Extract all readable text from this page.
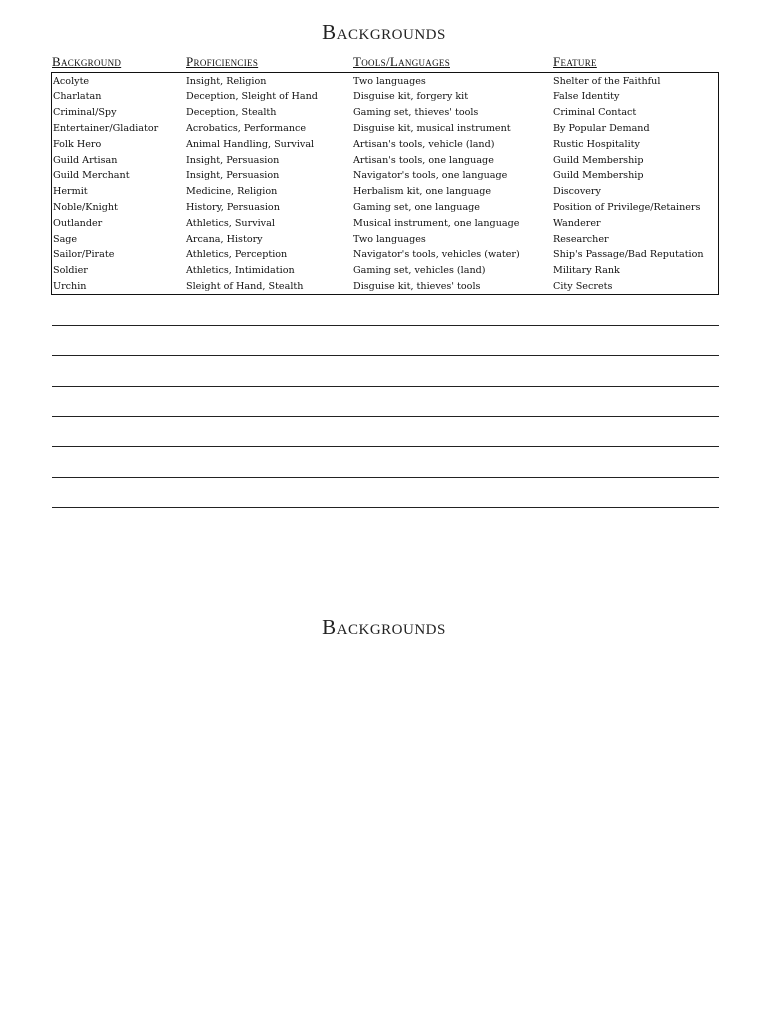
Backgrounds
Background	Proficiencies	Tools/Languages	Feature
Acolyte	Insight, Religion	Two languages	Shelter of the Faithful
Charlatan	Deception, Sleight of Hand	Disguise kit, forgery kit	False Identity
Criminal/Spy	Deception, Stealth	Gaming set, thieves' tools	Criminal Contact
Entertainer/Gladiator	Acrobatics, Performance	Disguise kit, musical instrument	By Popular Demand
Folk Hero	Animal Handling, Survival	Artisan's tools, vehicle (land)	Rustic Hospitality
Guild Artisan	Insight, Persuasion	Artisan's tools, one language	Guild Membership
Guild Merchant	Insight, Persuasion	Navigator's tools, one language	Guild Membership
Hermit	Medicine, Religion	Herbalism kit, one language	Discovery
Noble/Knight	History, Persuasion	Gaming set, one language	Position of Privilege/Retainers
Outlander	Athletics, Survival	Musical instrument, one language	Wanderer
Sage	Arcana, History	Two languages	Researcher
Sailor/Pirate	Athletics, Perception	Navigator's tools, vehicles (water)	Ship's Passage/Bad Reputation
Soldier	Athletics, Intimidation	Gaming set, vehicles (land)	Military Rank
Urchin	Sleight of Hand, Stealth	Disguise kit, thieves' tools	City Secrets
Backgrounds
